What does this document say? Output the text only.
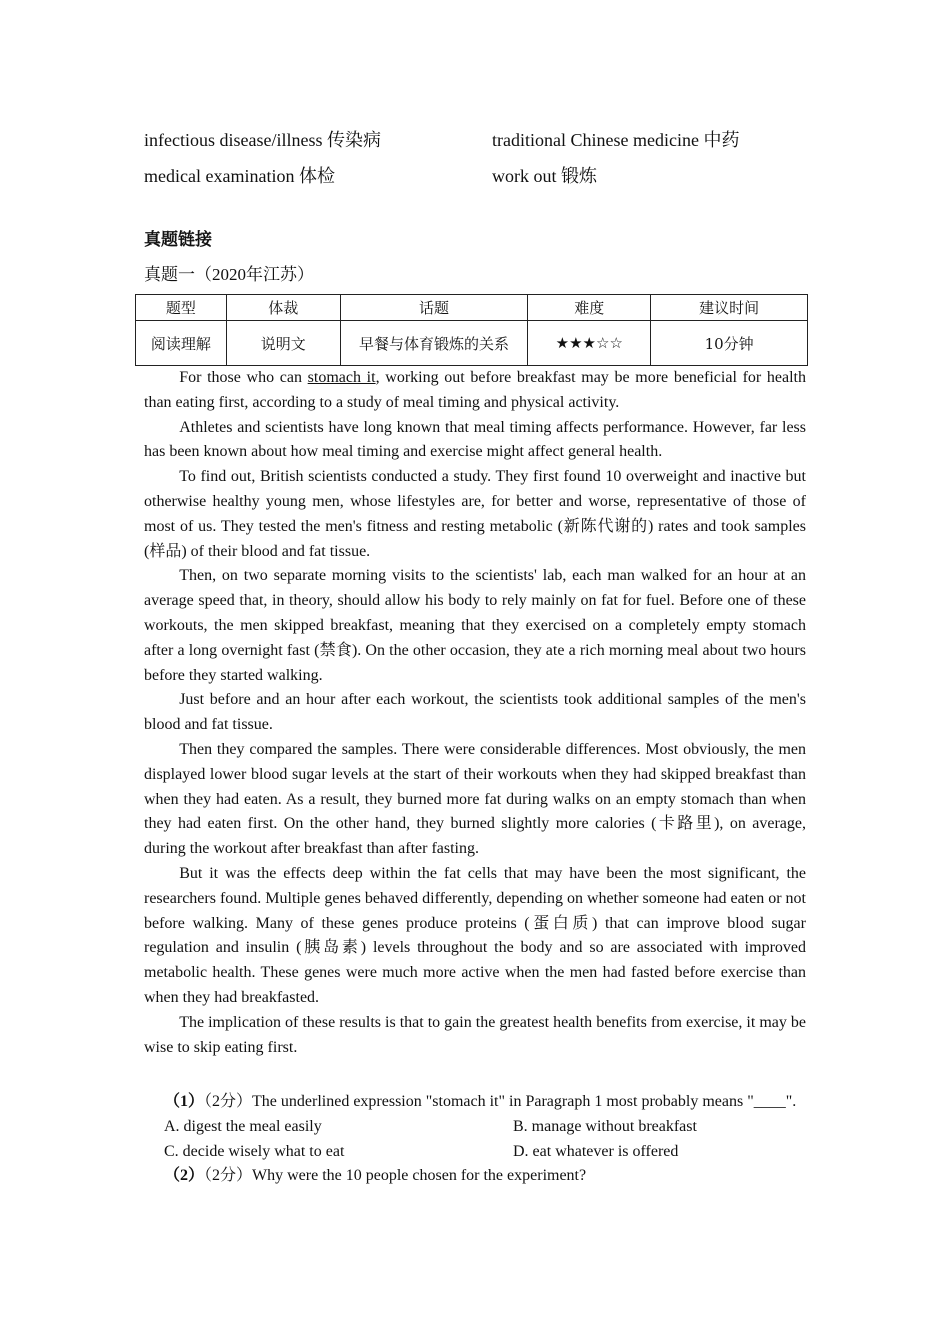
infectious disease/illness 传染病	traditional Chinese medicine 中药
medical examination 体检	work out 锻炼
真题链接
真题一（2020年江苏）
题型	体裁	话题	难度	建议时间
阅读理解	说明文	早餐与体育锻炼的关系	★★★☆☆	10分钟

For those who can stomach it, working out before breakfast may be more beneficial for health than eating first, according to a study of meal timing and physical activity.

Athletes and scientists have long known that meal timing affects performance. However, far less has been known about how meal timing and exercise might affect general health.

To find out, British scientists conducted a study. They first found 10 overweight and inactive but otherwise healthy young men, whose lifestyles are, for better and worse, representative of those of most of us. They tested the men's fitness and resting metabolic (新陈代谢的) rates and took samples (样品) of their blood and fat tissue.

Then, on two separate morning visits to the scientists' lab, each man walked for an hour at an average speed that, in theory, should allow his body to rely mainly on fat for fuel. Before one of these workouts, the men skipped breakfast, meaning that they exercised on a completely empty stomach after a long overnight fast (禁食). On the other occasion, they ate a rich morning meal about two hours before they started walking.

Just before and an hour after each workout, the scientists took additional samples of the men's blood and fat tissue.

Then they compared the samples. There were considerable differences. Most obviously, the men displayed lower blood sugar levels at the start of their workouts when they had skipped breakfast than when they had eaten. As a result, they burned more fat during walks on an empty stomach than when they had eaten first. On the other hand, they burned slightly more calories (卡路里), on average, during the workout after breakfast than after fasting.

But it was the effects deep within the fat cells that may have been the most significant, the researchers found. Multiple genes behaved differently, depending on whether someone had eaten or not before walking. Many of these genes produce proteins (蛋白质) that can improve blood sugar regulation and insulin (胰岛素) levels throughout the body and so are associated with improved metabolic health. These genes were much more active when the men had fasted before exercise than when they had breakfasted.

The implication of these results is that to gain the greatest health benefits from exercise, it may be wise to skip eating first.

（1）（2分）The underlined expression "stomach it" in Paragraph 1 most probably means "____".
A. digest the meal easily	B. manage without breakfast
C. decide wisely what to eat	D. eat whatever is offered
（2）（2分）Why were the 10 people chosen for the experiment?
